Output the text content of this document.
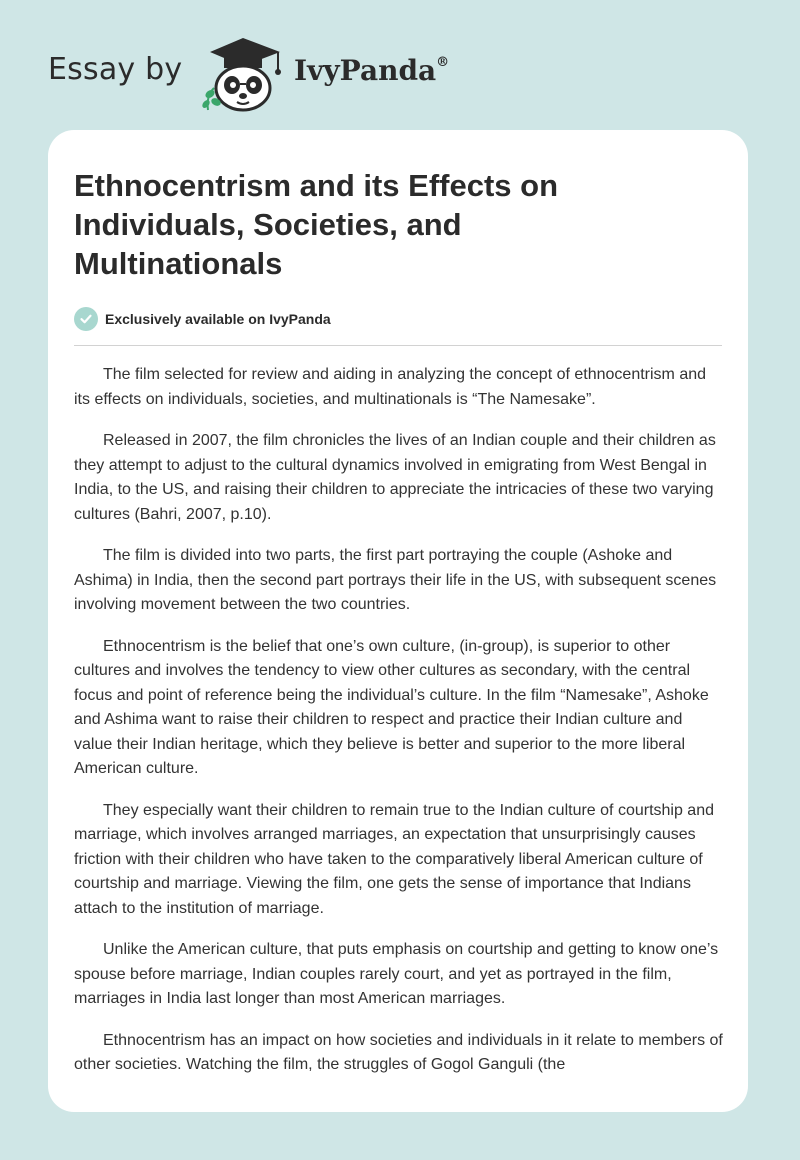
Essay by	IvyPanda®
Ethnocentrism and its Effects on Individuals, Societies, and Multinationals
Exclusively available on IvyPanda

The film selected for review and aiding in analyzing the concept of ethnocentrism and its effects on individuals, societies, and multinationals is “The Namesake”.

Released in 2007, the film chronicles the lives of an Indian couple and their children as they attempt to adjust to the cultural dynamics involved in emigrating from West Bengal in India, to the US, and raising their children to appreciate the intricacies of these two varying cultures (Bahri, 2007, p.10).

The film is divided into two parts, the first part portraying the couple (Ashoke and Ashima) in India, then the second part portrays their life in the US, with subsequent scenes involving movement between the two countries.

Ethnocentrism is the belief that one’s own culture, (in-group), is superior to other cultures and involves the tendency to view other cultures as secondary, with the central focus and point of reference being the individual’s culture. In the film “Namesake”, Ashoke and Ashima want to raise their children to respect and practice their Indian culture and value their Indian heritage, which they believe is better and superior to the more liberal American culture.

They especially want their children to remain true to the Indian culture of courtship and marriage, which involves arranged marriages, an expectation that unsurprisingly causes friction with their children who have taken to the comparatively liberal American culture of courtship and marriage. Viewing the film, one gets the sense of importance that Indians attach to the institution of marriage.

Unlike the American culture, that puts emphasis on courtship and getting to know one’s spouse before marriage, Indian couples rarely court, and yet as portrayed in the film, marriages in India last longer than most American marriages.

Ethnocentrism has an impact on how societies and individuals in it relate to members of other societies. Watching the film, the struggles of Gogol Ganguli (the
